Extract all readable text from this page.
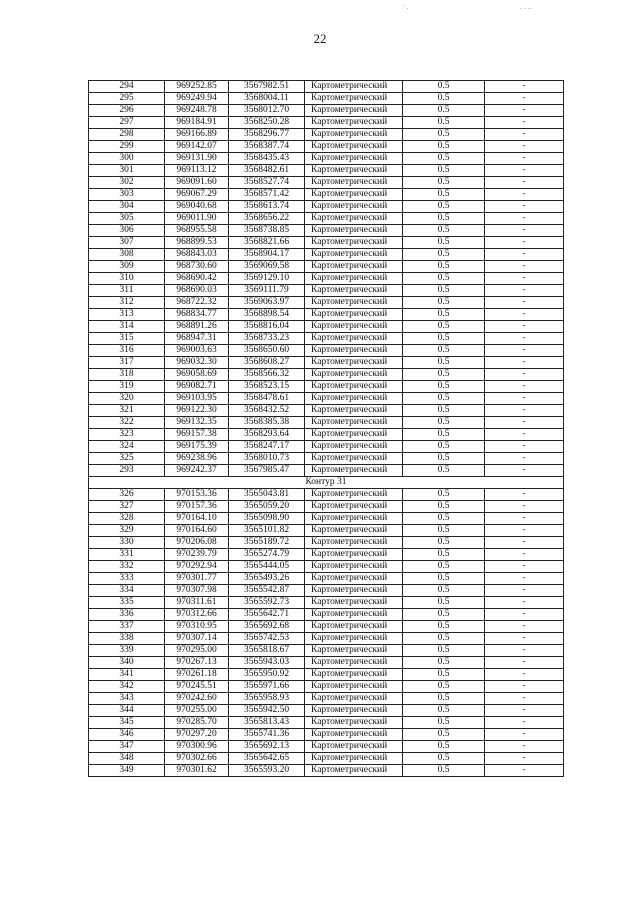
22
294	969252.85	3567982.51	Картометрический	0.5	-
295	969249.94	3568004.11	Картометрический	0.5	-
296	969248.78	3568012.70	Картометрический	0.5	-
297	969184.91	3568250.28	Картометрический	0.5	-
298	969166.89	3568296.77	Картометрический	0.5	-
299	969142.07	3568387.74	Картометрический	0.5	-
300	969131.90	3568435.43	Картометрический	0.5	-
301	969113.12	3568482.61	Картометрический	0.5	-
302	969091.60	3568527.74	Картометрический	0.5	-
303	969067.29	3568571.42	Картометрический	0.5	-
304	969040.68	3568613.74	Картометрический	0.5	-
305	969011.90	3568656.22	Картометрический	0.5	-
306	968955.58	3568738.85	Картометрический	0.5	-
307	968899.53	3568821.66	Картометрический	0.5	-
308	968843.03	3568904.17	Картометрический	0.5	-
309	968730.60	3569069.58	Картометрический	0.5	-
310	968690.42	3569129.10	Картометрический	0.5	-
311	968690.03	3569111.79	Картометрический	0.5	-
312	968722.32	3569063.97	Картометрический	0.5	-
313	968834.77	3568898.54	Картометрический	0.5	-
314	968891.26	3568816.04	Картометрический	0.5	-
315	968947.31	3568733.23	Картометрический	0.5	-
316	969003.63	3568650.60	Картометрический	0.5	-
317	969032.30	3568608.27	Картометрический	0.5	-
318	969058.69	3568566.32	Картометрический	0.5	-
319	969082.71	3568523.15	Картометрический	0.5	-
320	969103.95	3568478.61	Картометрический	0.5	-
321	969122.30	3568432.52	Картометрический	0.5	-
322	969132.35	3568385.38	Картометрический	0.5	-
323	969157.38	3568293.64	Картометрический	0.5	-
324	969175.39	3568247.17	Картометрический	0.5	-
325	969238.96	3568010.73	Картометрический	0.5	-
293	969242.37	3567985.47	Картометрический	0.5	-
Контур 31					
326	970153.36	3565043.81	Картометрический	0.5	-
327	970157.36	3565059.20	Картометрический	0.5	-
328	970164.10	3565098.90	Картометрический	0.5	-
329	970164.60	3565101.82	Картометрический	0.5	-
330	970206.08	3565189.72	Картометрический	0.5	-
331	970239.79	3565274.79	Картометрический	0.5	-
332	970292.94	3565444.05	Картометрический	0.5	-
333	970301.77	3565493.26	Картометрический	0.5	-
334	970307.98	3565542.87	Картометрический	0.5	-
335	970311.61	3565592.73	Картометрический	0.5	-
336	970312.66	3565642.71	Картометрический	0.5	-
337	970310.95	3565692.68	Картометрический	0.5	-
338	970307.14	3565742.53	Картометрический	0.5	-
339	970295.00	3565818.67	Картометрический	0.5	-
340	970267.13	3565943.03	Картометрический	0.5	-
341	970261.18	3565950.92	Картометрический	0.5	-
342	970245.51	3565971.66	Картометрический	0.5	-
343	970242.60	3565958.93	Картометрический	0.5	-
344	970255.00	3565942.50	Картометрический	0.5	-
345	970285.70	3565813.43	Картометрический	0.5	-
346	970297.20	3565741.36	Картометрический	0.5	-
347	970300.96	3565692.13	Картометрический	0.5	-
348	970302.66	3565642.65	Картометрический	0.5	-
349	970301.62	3565593.20	Картометрический	0.5	-
· .	. . ..
